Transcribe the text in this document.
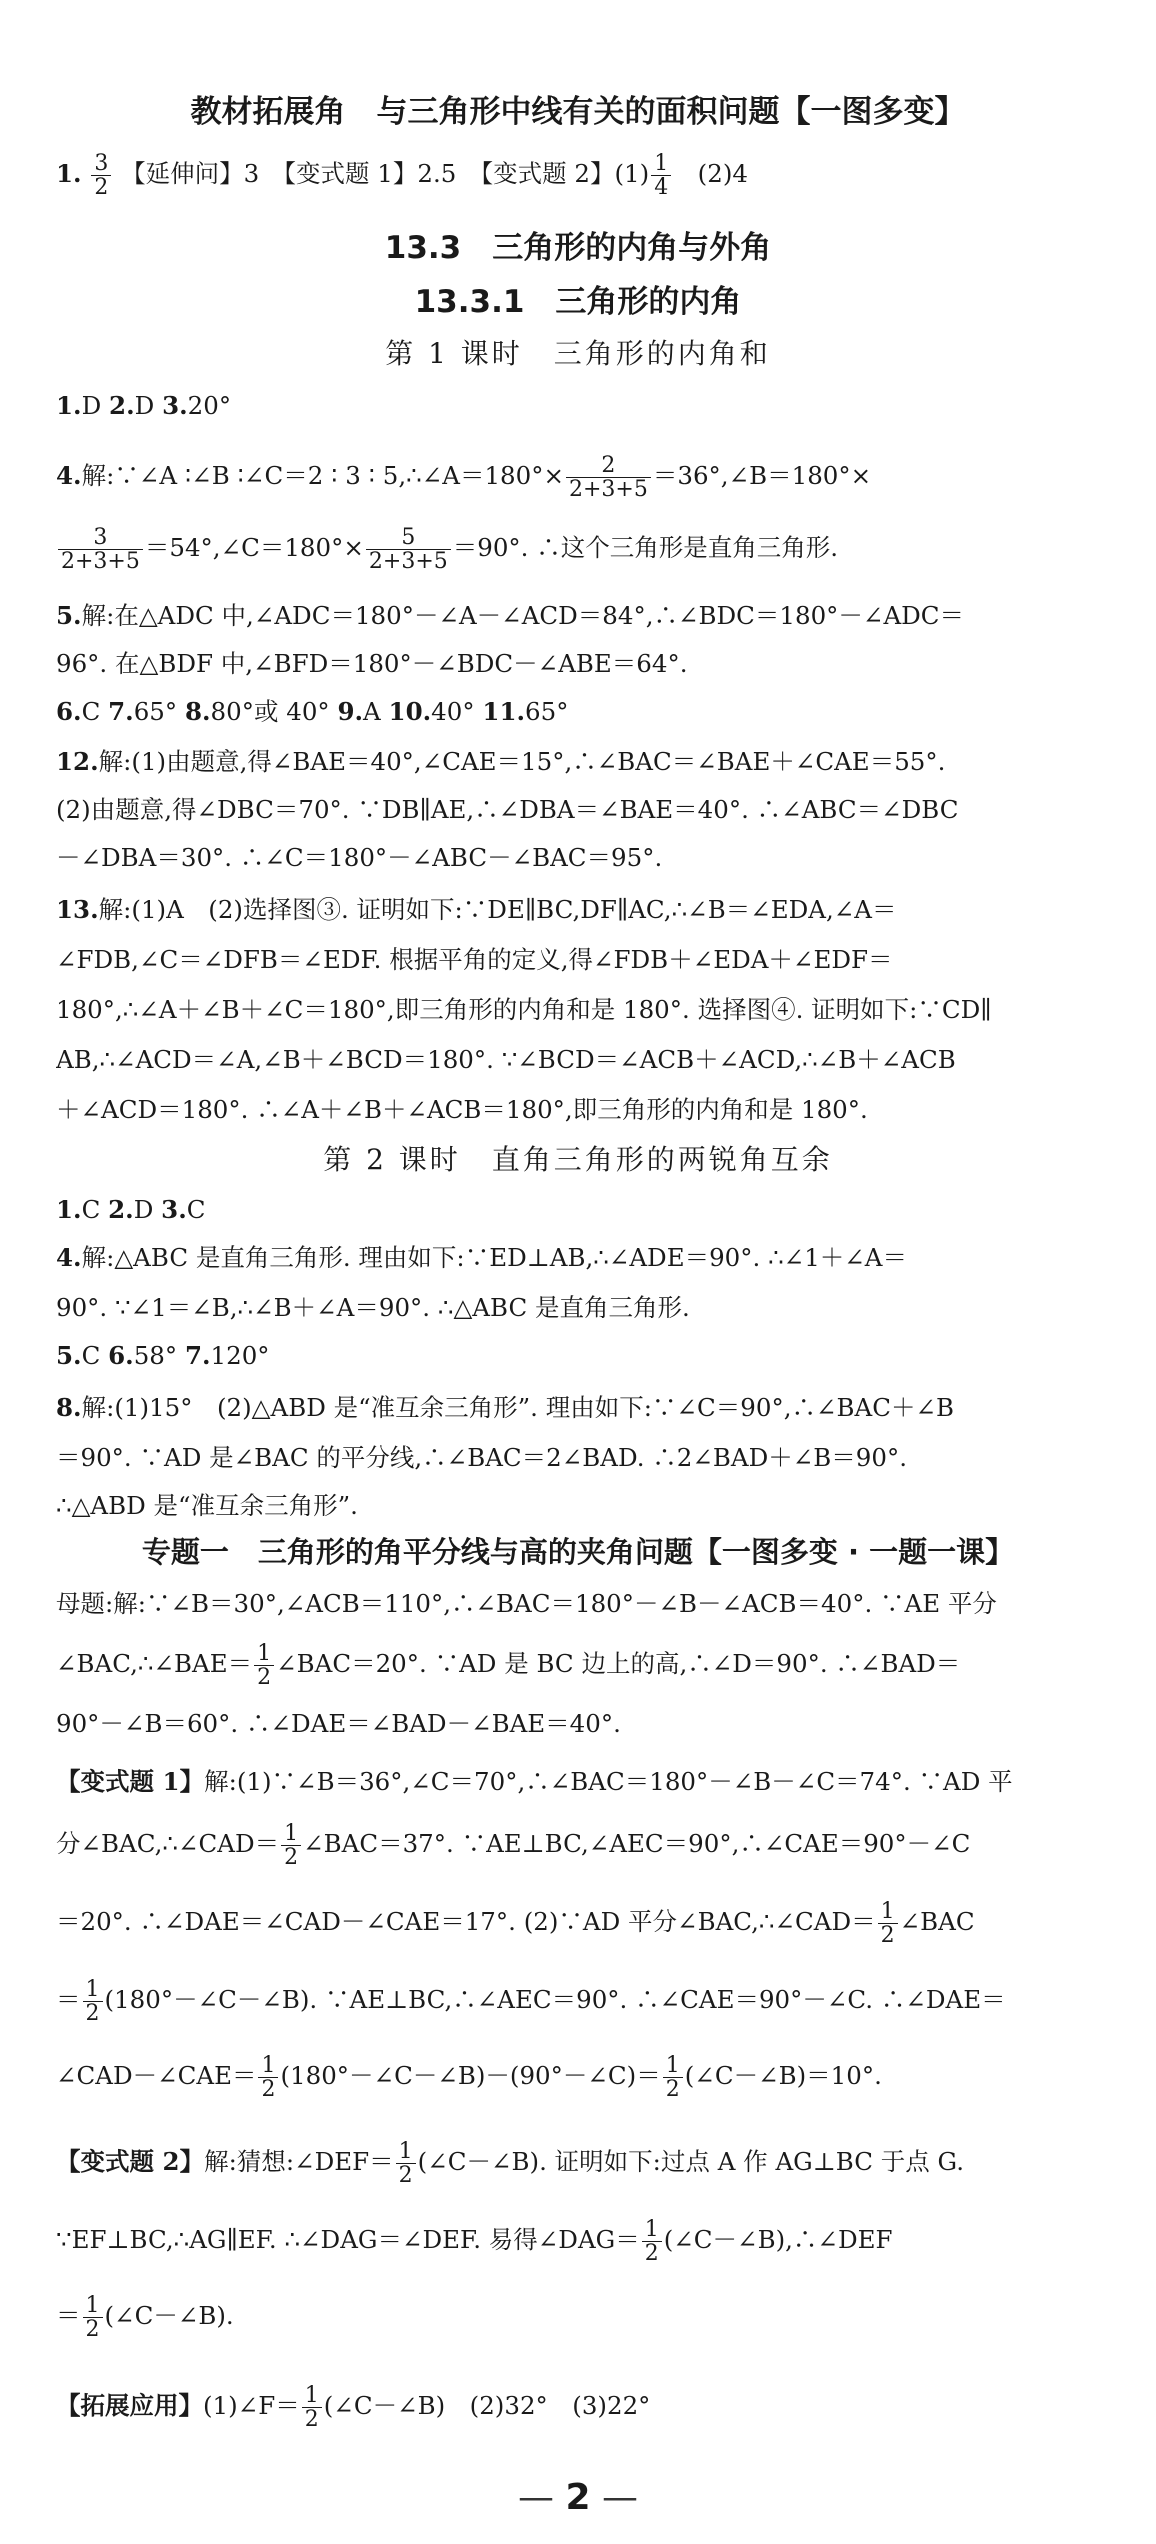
教材拓展角　与三角形中线有关的面积问题【一图多变】
1. $\frac{3}{2}$ 【延伸问】3　【变式题 1】2.5　【变式题 2】$(1) \frac{1}{4}$ 　(2)4
13.3　三角形的内角与外角
13.3.1　三角形的内角
第 1 课时　三角形的内角和
1.D 2.D 3.20°
4.解:∵∠A ∶∠B ∶∠C＝2 ∶ 3 ∶ 5,∴∠A＝180°× $\frac{2}{2+3+5}$ ＝36°,∠B＝180°×
$\frac{3}{2+3+5}$ ＝54°,∠C＝180°× $\frac{5}{2+3+5} =90^\circ$. ∴这个三角形是直角三角形.
5.解:在△ADC 中,∠ADC＝180°－∠A－∠ACD＝84°,∴∠BDC＝180°－∠ADC＝
96°. 在△BDF 中,∠BFD＝180°－∠BDC－∠ABE＝64°.
6.C 7.65° 8.80°或 40° 9.A 10.40° 11.65°
12.解:(1)由题意,得∠BAE＝40°,∠CAE＝15°,∴∠BAC＝∠BAE＋∠CAE＝55°.
(2)由题意,得∠DBC＝70°. ∵DB∥AE,∴∠DBA＝∠BAE＝40°. ∴∠ABC＝∠DBC
－∠DBA＝30°. ∴∠C＝180°－∠ABC－∠BAC＝95°.
13.解:(1)A　(2)选择图③. 证明如下:∵DE∥BC,DF∥AC,∴∠B＝∠EDA,∠A＝
∠FDB,∠C＝∠DFB＝∠EDF. 根据平角的定义,得∠FDB＋∠EDA＋∠EDF＝
180°,∴∠A＋∠B＋∠C＝180°,即三角形的内角和是 180°. 选择图④. 证明如下:∵CD∥
AB,∴∠ACD＝∠A,∠B＋∠BCD＝180°. ∵∠BCD＝∠ACB＋∠ACD,∴∠B＋∠ACB
＋∠ACD＝180°. ∴∠A＋∠B＋∠ACB＝180°,即三角形的内角和是 180°.
第 2 课时　直角三角形的两锐角互余
1.C 2.D 3.C
4.解:△ABC 是直角三角形. 理由如下:∵ED⊥AB,∴∠ADE＝90°. ∴∠1＋∠A＝
90°. ∵∠1＝∠B,∴∠B＋∠A＝90°. ∴△ABC 是直角三角形.
5.C 6.58° 7.120°
8.解:(1)15°　(2)△ABD 是“准互余三角形”. 理由如下:∵∠C＝90°,∴∠BAC＋∠B
＝90°. ∵AD 是∠BAC 的平分线,∴∠BAC＝2∠BAD. ∴2∠BAD＋∠B＝90°.
∴△ABD 是“准互余三角形”.
专题一　三角形的角平分线与高的夹角问题【一图多变 · 一题一课】
母题:解:∵∠B＝30°,∠ACB＝110°,∴∠BAC＝180°－∠B－∠ACB＝40°. ∵AE 平分
∠BAC,∴∠BAE＝ $\frac{1}{2}$ ∠BAC＝20°. ∵AD 是 BC 边上的高,∴∠D＝90°. ∴∠BAD＝
90°－∠B＝60°. ∴∠DAE＝∠BAD－∠BAE＝40°.
【变式题 1】解:(1)∵∠B＝36°,∠C＝70°,∴∠BAC＝180°－∠B－∠C＝74°. ∵AD 平
分∠BAC,∴∠CAD＝ $\frac{1}{2}$ ∠BAC＝37°. ∵AE⊥BC,∠AEC＝90°,∴∠CAE＝90°－∠C
＝20°. ∴∠DAE＝∠CAD－∠CAE＝17°. (2)∵AD 平分∠BAC,∴∠CAD＝ $\frac{1}{2}$ ∠BAC
＝ $\frac{1}{2}$ (180°－∠C－∠B). ∵AE⊥BC,∴∠AEC＝90°. ∴∠CAE＝90°－∠C. ∴∠DAE＝
∠CAD－∠CAE＝ $\frac{1}{2}$ (180°－∠C－∠B)－(90°－∠C)＝ $\frac{1}{2}$ (∠C－∠B)＝10°.
【变式题 2】解:猜想:∠DEF＝ $\frac{1}{2}$ (∠C－∠B). 证明如下:过点 A 作 AG⊥BC 于点 G.
∵EF⊥BC,∴AG∥EF. ∴∠DAG＝∠DEF. 易得∠DAG＝ $\frac{1}{2}$ (∠C－∠B),∴∠DEF
＝ $\frac{1}{2}$ (∠C－∠B).
【拓展应用】(1)∠F＝ $\frac{1}{2}$ (∠C－∠B)　(2)32°　(3)22°
— 2 —
